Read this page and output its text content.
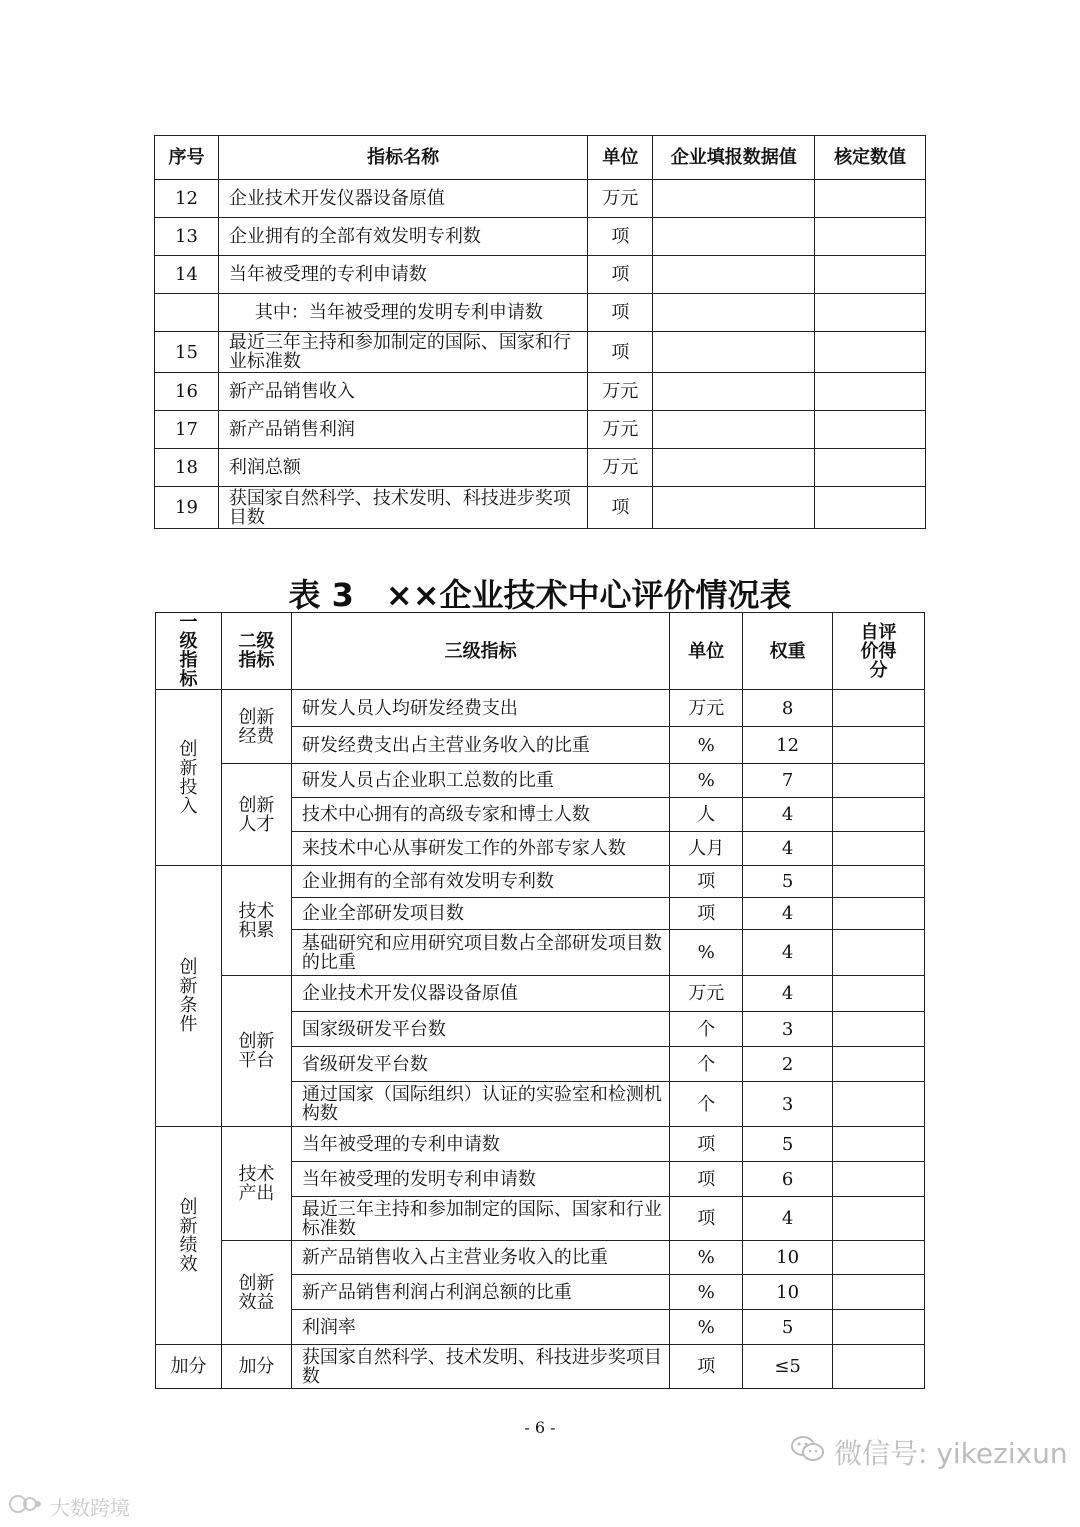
序号	指标名称	单位	企业填报数据值	核定数值
12	企业技术开发仪器设备原值	万元		
13	企业拥有的全部有效发明专利数	项		
14	当年被受理的专利申请数	项		
	其中：当年被受理的发明专利申请数	项		
15	最近三年主持和参加制定的国际、国家和行业标准数	项		
16	新产品销售收入	万元		
17	新产品销售利润	万元		
18	利润总额	万元		
19	获国家自然科学、技术发明、科技进步奖项目数	项		
表 3　××企业技术中心评价情况表
一级指标	二级指标	三级指标	单位	权重	自评价得分
创新投入	创新经费	研发人员人均研发经费支出	万元	8	
		研发经费支出占主营业务收入的比重	%	12	
	创新人才	研发人员占企业职工总数的比重	%	7	
		技术中心拥有的高级专家和博士人数	人	4	
		来技术中心从事研发工作的外部专家人数	人月	4	
创新条件	技术积累	企业拥有的全部有效发明专利数	项	5	
		企业全部研发项目数	项	4	
		基础研究和应用研究项目数占全部研发项目数的比重	%	4	
	创新平台	企业技术开发仪器设备原值	万元	4	
		国家级研发平台数	个	3	
		省级研发平台数	个	2	
		通过国家（国际组织）认证的实验室和检测机构数	个	3	
创新绩效	技术产出	当年被受理的专利申请数	项	5	
		当年被受理的发明专利申请数	项	6	
		最近三年主持和参加制定的国际、国家和行业标准数	项	4	
	创新效益	新产品销售收入占主营业务收入的比重	%	10	
		新产品销售利润占利润总额的比重	%	10	
		利润率	%	5	
加分	加分	获国家自然科学、技术发明、科技进步奖项目数	项	≤5	
- 6 -
微信号: yikezixun
大数跨境
